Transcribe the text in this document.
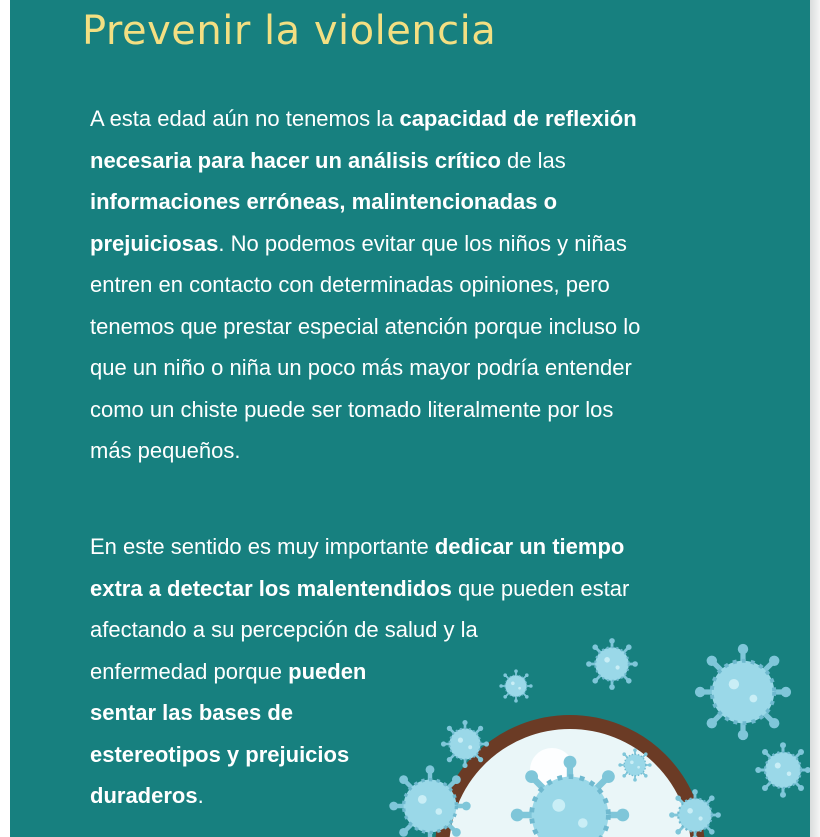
Prevenir la violencia

A esta edad aún no tenemos la capacidad de reflexión
necesaria para hacer un análisis crítico de las
informaciones erróneas, malintencionadas o
prejuiciosas. No podemos evitar que los niños y niñas
entren en contacto con determinadas opiniones, pero
tenemos que prestar especial atención porque incluso lo
que un niño o niña un poco más mayor podría entender
como un chiste puede ser tomado literalmente por los
más pequeños.

En este sentido es muy importante dedicar un tiempo
extra a detectar los malentendidos que pueden estar
afectando a su percepción de salud y la
enfermedad porque pueden
sentar las bases de
estereotipos y prejuicios
duraderos.
